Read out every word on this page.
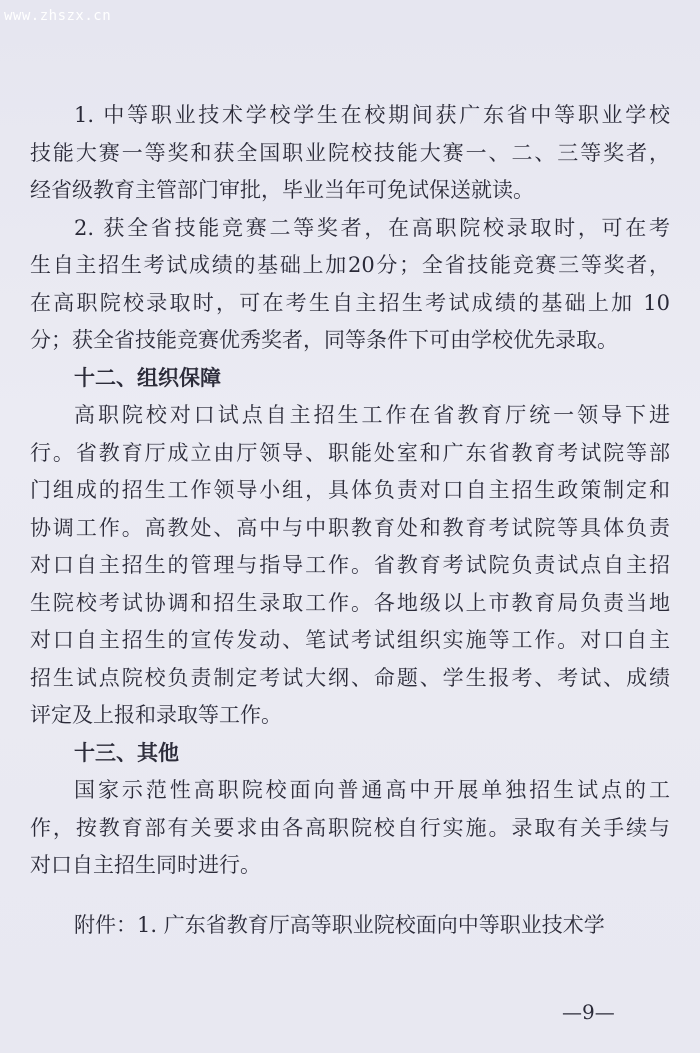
www.zhszx.cn
1. 中等职业技术学校学生在校期间获广东省中等职业学校
技能大赛一等奖和获全国职业院校技能大赛一、二、三等奖者，
经省级教育主管部门审批，毕业当年可免试保送就读。
2. 获全省技能竞赛二等奖者，在高职院校录取时，可在考
生自主招生考试成绩的基础上加20分；全省技能竞赛三等奖者，
在高职院校录取时，可在考生自主招生考试成绩的基础上加 10
分；获全省技能竞赛优秀奖者，同等条件下可由学校优先录取。
十二、组织保障
高职院校对口试点自主招生工作在省教育厅统一领导下进
行。省教育厅成立由厅领导、职能处室和广东省教育考试院等部
门组成的招生工作领导小组，具体负责对口自主招生政策制定和
协调工作。高教处、高中与中职教育处和教育考试院等具体负责
对口自主招生的管理与指导工作。省教育考试院负责试点自主招
生院校考试协调和招生录取工作。各地级以上市教育局负责当地
对口自主招生的宣传发动、笔试考试组织实施等工作。对口自主
招生试点院校负责制定考试大纲、命题、学生报考、考试、成绩
评定及上报和录取等工作。
十三、其他
国家示范性高职院校面向普通高中开展单独招生试点的工
作，按教育部有关要求由各高职院校自行实施。录取有关手续与
对口自主招生同时进行。
附件：1. 广东省教育厅高等职业院校面向中等职业技术学
—9—
